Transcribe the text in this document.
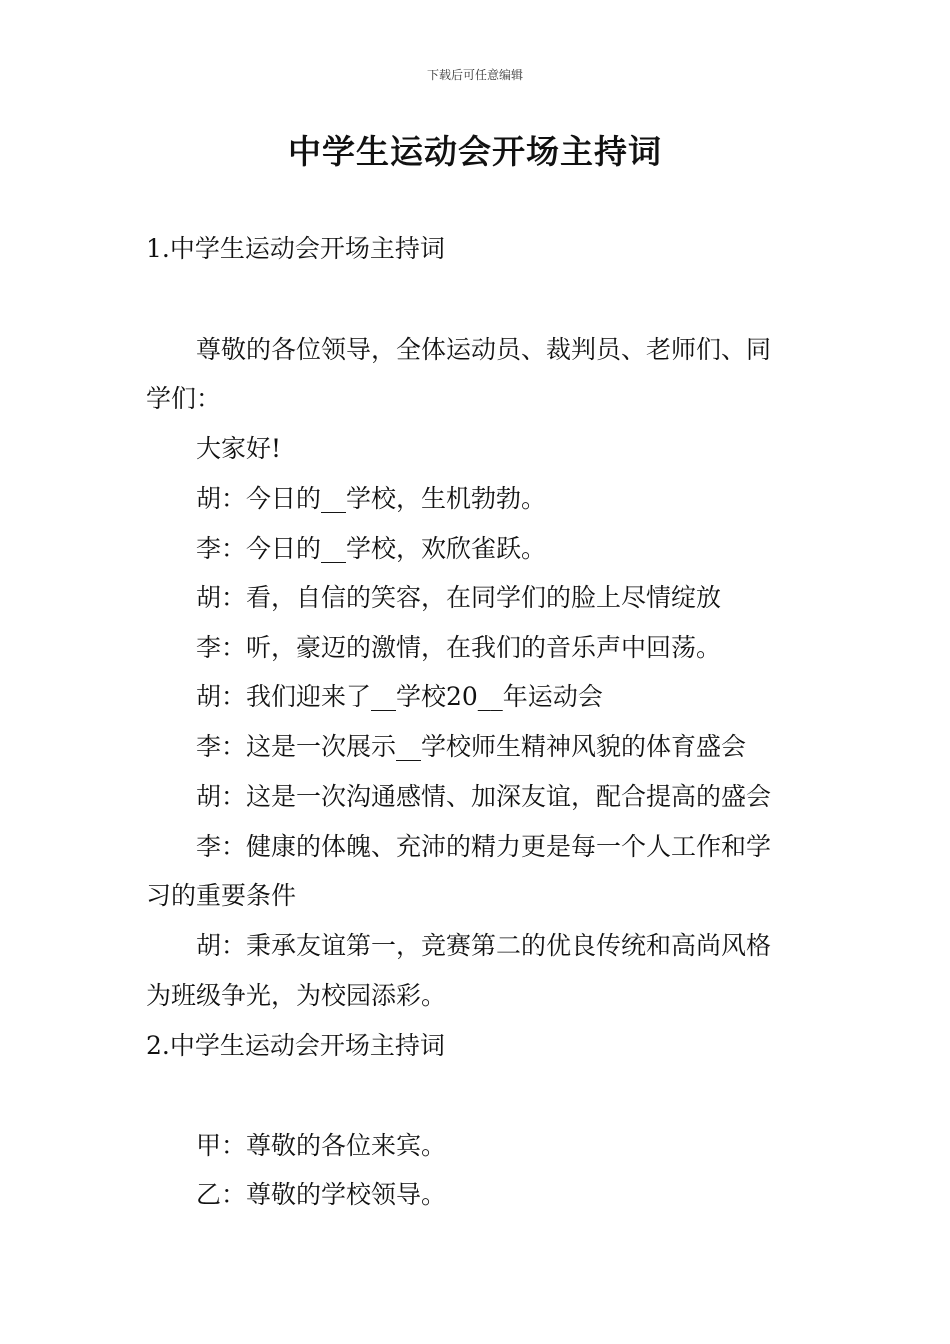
下载后可任意编辑
中学生运动会开场主持词

1.中学生运动会开场主持词

尊敬的各位领导，全体运动员、裁判员、老师们、同

学们：

大家好!

胡：今日的__学校，生机勃勃。

李：今日的__学校，欢欣雀跃。

胡：看，自信的笑容，在同学们的脸上尽情绽放

李：听，豪迈的激情，在我们的音乐声中回荡。

胡：我们迎来了__学校20__年运动会

李：这是一次展示__学校师生精神风貌的体育盛会

胡：这是一次沟通感情、加深友谊，配合提高的盛会

李：健康的体魄、充沛的精力更是每一个人工作和学

习的重要条件

胡：秉承友谊第一，竞赛第二的优良传统和高尚风格

为班级争光，为校园添彩。

2.中学生运动会开场主持词

甲：尊敬的各位来宾。

乙：尊敬的学校领导。
